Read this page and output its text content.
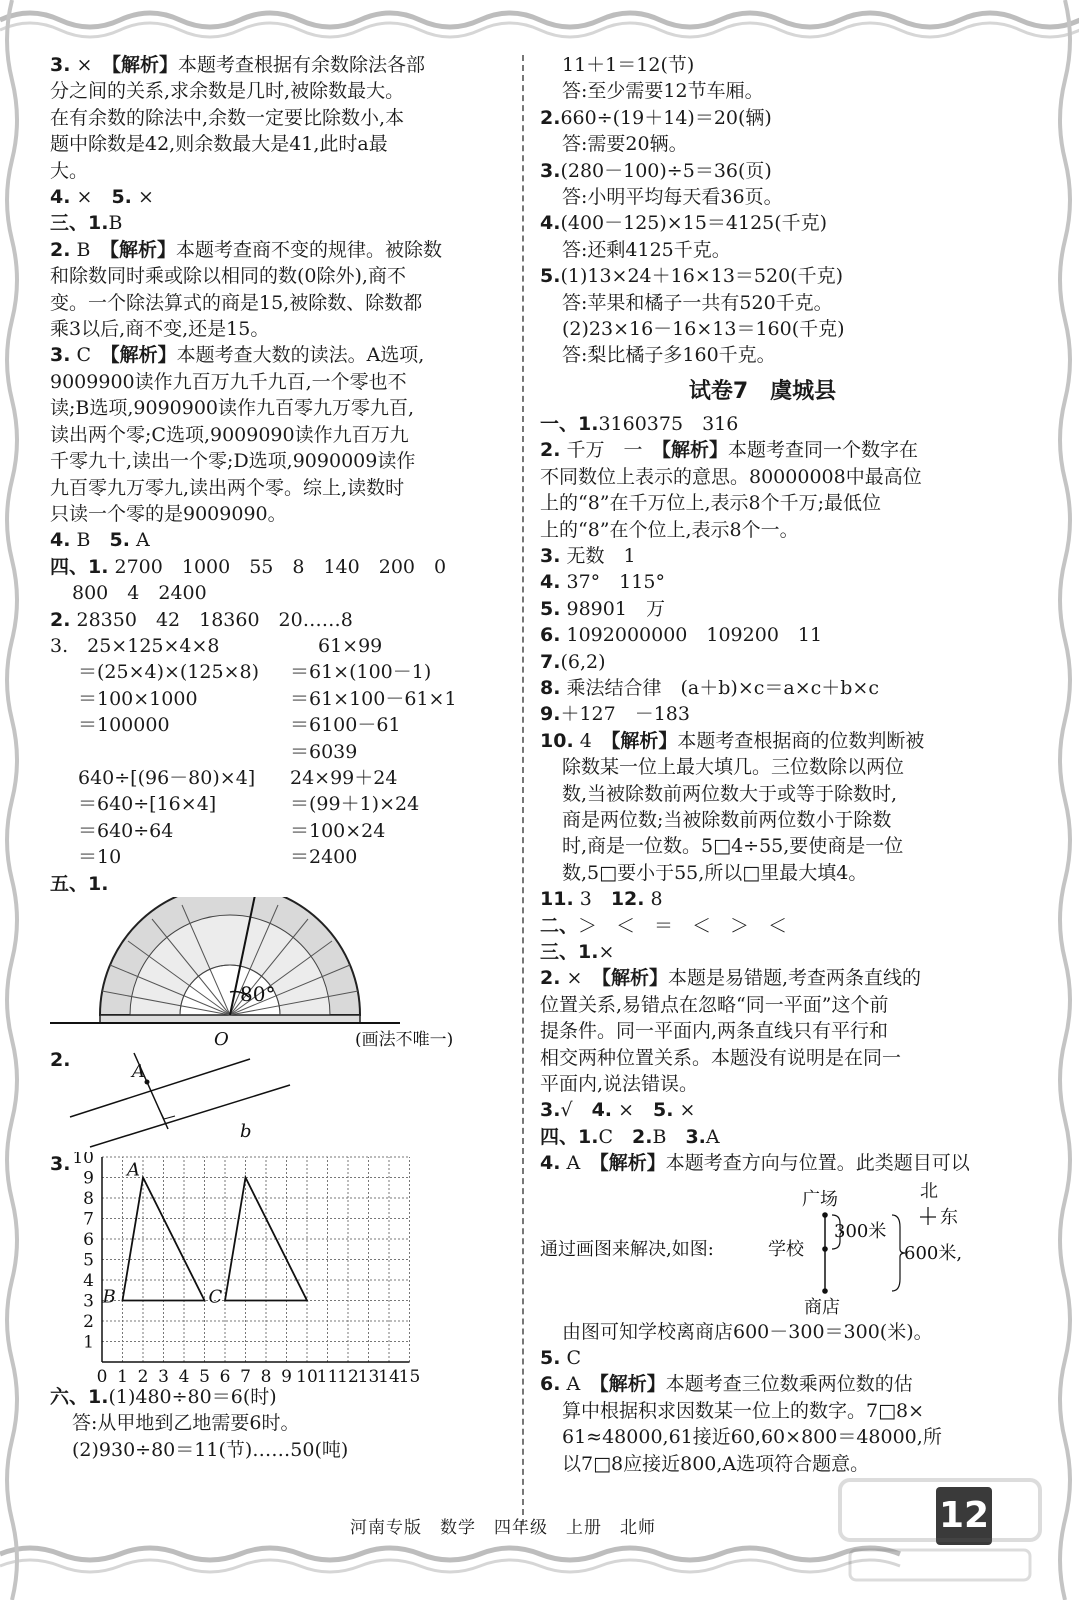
3. ×　 【解析】本题考查根据有余数除法各部
分之间的关系,求余数是几时,被除数最大。
在有余数的除法中,余数一定要比除数小,本
题中除数是42,则余数最大是41,此时a最
大。
4. ×　 5. ×
三、1.B
2. B　 【解析】本题考查商不变的规律。被除数
和除数同时乘或除以相同的数(0除外),商不
变。一个除法算式的商是15,被除数、除数都
乘3以后,商不变,还是15。
3. C　 【解析】本题考查大数的读法。A选项,
9009900读作九百万九千九百,一个零也不
读;B选项,9090900读作九百零九万零九百,
读出两个零;C选项,9009090读作九百万九
千零九十,读出一个零;D选项,9090009读作
九百零九万零九,读出两个零。综上,读数时
只读一个零的是9009090。
4. B　 5. A
四、1. 2700　1000　55　8　140　200　0
800　4　2400
2. 28350　42　18360　20……8
3.　25×125×4×8
＝(25×4)×(125×8)
＝100×1000
＝100000
61×99
＝61×(100－1)
＝61×100－61×1
＝6100－61
＝6039
640÷[(96－80)×4]
＝640÷[16×4]
＝640÷64
＝10
24×99＋24
＝(99＋1)×24
＝100×24
＝2400
五、1.
80°
O	(画法不唯一)
2.
A
b
3. 10
9
8
7
6
5
4
3
2
1
0 1 2 3 4 5 6 7 8 9 10
11
12
13
14
15
A
B	C
六、1.(1)480÷80＝6(时)
答:从甲地到乙地需要6时。
(2)930÷80＝11(节)……50(吨)
11＋1＝12(节)
答:至少需要12节车厢。
2.660÷(19＋14)＝20(辆)
答:需要20辆。
3.(280－100)÷5＝36(页)
答:小明平均每天看36页。
4.(400－125)×15＝4125(千克)
答:还剩4125千克。
5.(1)13×24＋16×13＝520(千克)
答:苹果和橘子一共有520千克。
(2)23×16－16×13＝160(千克)
答:梨比橘子多160千克。
试卷7　虞城县
一、1.3160375　316
2. 千万　一　 【解析】本题考查同一个数字在
不同数位上表示的意思。80000008中最高位
上的“8”在千万位上,表示8个千万;最低位
上的“8”在个位上,表示8个一。
3. 无数　1
4. 37°　115°
5. 98901　万
6. 1092000000　109200　11
7.(6,2)
8. 乘法结合律　(a＋b)×c＝a×c＋b×c
9.＋127　－183
10. 4　 【解析】本题考查根据商的位数判断被
除数某一位上最大填几。三位数除以两位
数,当被除数前两位数大于或等于除数时,
商是两位数;当被除数前两位数小于除数
时,商是一位数。5□4÷55,要使商是一位
数,5□要小于55,所以□里最大填4。
11. 3　 12. 8
二、＞　＜　＝　＜　＞　＜
三、1.×
2. ×　 【解析】本题是易错题,考查两条直线的
位置关系,易错点在忽略“同一平面”这个前
提条件。同一平面内,两条直线只有平行和
相交两种位置关系。本题没有说明是在同一
平面内,说法错误。
3.√　 4. ×　 5. ×
四、1.C　 2.B　 3.A
4. A　 【解析】本题考查方向与位置。此类题目可以
广场	北
东
通过画图来解决,如图:	学校
300米
600米,
商店
由图可知学校离商店600－300＝300(米)。
5. C
6. A　 【解析】本题考查三位数乘两位数的估
算中根据积求因数某一位上的数字。7□8×
61≈48000,61接近60,60×800＝48000,所
以7□8应接近800,A选项符合题意。
河南专版　数学　四年级　上册　北师	12
